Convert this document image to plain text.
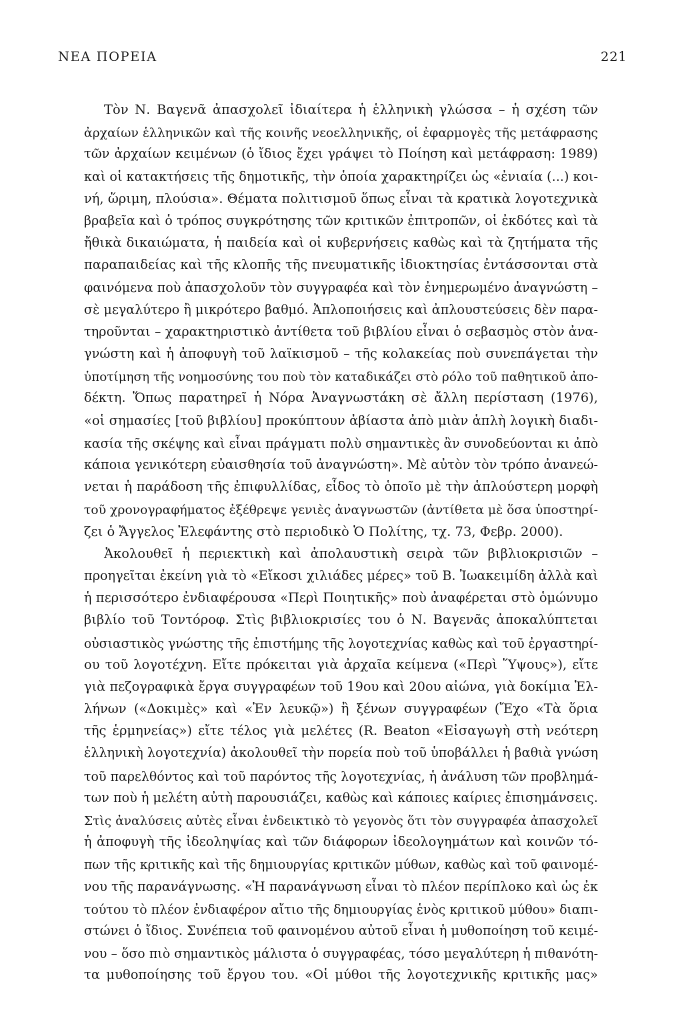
ΝΕΑ ΠΟΡΕΙΑ	221
Τὸν Ν. Βαγενᾶ ἀπασχολεῖ ἰδιαίτερα ἡ ἑλληνικὴ γλώσσα – ἡ σχέση τῶν
ἀρχαίων ἑλληνικῶν καὶ τῆς κοινῆς νεοελληνικῆς, οἱ ἐφαρμογὲς τῆς μετάφρασης
τῶν ἀρχαίων κειμένων (ὁ ἴδιος ἔχει γράψει τὸ Ποίηση καὶ μετάφραση: 1989)
καὶ οἱ κατακτήσεις τῆς δημοτικῆς, τὴν ὁποία χαρακτηρίζει ὡς «ἐνιαία (...) κοι-
νή, ὥριμη, πλούσια». Θέματα πολιτισμοῦ ὅπως εἶναι τὰ κρατικὰ λογοτεχνικὰ
βραβεῖα καὶ ὁ τρόπος συγκρότησης τῶν κριτικῶν ἐπιτροπῶν, οἱ ἐκδότες καὶ τὰ
ἤθικὰ δικαιώματα, ἡ παιδεία καὶ οἱ κυβερνήσεις καθὼς καὶ τὰ ζητήματα τῆς
παραπαιδείας καὶ τῆς κλοπῆς τῆς πνευματικῆς ἰδιοκτησίας ἐντάσσονται στὰ
φαινόμενα ποὺ ἀπασχολοῦν τὸν συγγραφέα καὶ τὸν ἐνημερωμένο ἀναγνώστη –
σὲ μεγαλύτερο ἢ μικρότερο βαθμό. Ἀπλοποιήσεις καὶ ἀπλουστεύσεις δὲν παρα-
τηροῦνται – χαρακτηριστικὸ ἀντίθετα τοῦ βιβλίου εἶναι ὁ σεβασμὸς στὸν ἀνα-
γνώστη καὶ ἡ ἀποφυγὴ τοῦ λαϊκισμοῦ – τῆς κολακείας ποὺ συνεπάγεται τὴν
ὑποτίμηση τῆς νοημοσύνης του ποὺ τὸν καταδικάζει στὸ ρόλο τοῦ παθητικοῦ ἀπο-
δέκτη. Ὅπως παρατηρεῖ ἡ Νόρα Ἀναγνωστάκη σὲ ἄλλη περίσταση (1976),
«οἱ σημασίες [τοῦ βιβλίου] προκύπτουν ἀβίαστα ἀπὸ μιὰν ἁπλὴ λογικὴ διαδι-
κασία τῆς σκέψης καὶ εἶναι πράγματι πολὺ σημαντικὲς ἂν συνοδεύονται κι ἀπὸ
κάποια γενικότερη εὐαισθησία τοῦ ἀναγνώστη». Μὲ αὐτὸν τὸν τρόπο ἀνανεώ-
νεται ἡ παράδοση τῆς ἐπιφυλλίδας, εἶδος τὸ ὁποῖο μὲ τὴν ἁπλούστερη μορφὴ
τοῦ χρονογραφήματος ἐξέθρεψε γενιὲς ἀναγνωστῶν (ἀντίθετα μὲ ὅσα ὑποστηρί-
ζει ὁ Ἄγγελος Ἐλεφάντης στὸ περιοδικὸ Ὁ Πολίτης, τχ. 73, Φεβρ. 2000).
Ἀκολουθεῖ ἡ περιεκτικὴ καὶ ἀπολαυστικὴ σειρὰ τῶν βιβλιοκρισιῶν –
προηγεῖται ἐκείνη γιὰ τὸ «Εἴκοσι χιλιάδες μέρες» τοῦ Β. Ἰωακειμίδη ἀλλὰ καὶ
ἡ περισσότερο ἐνδιαφέρουσα «Περὶ Ποιητικῆς» ποὺ ἀναφέρεται στὸ ὁμώνυμο
βιβλίο τοῦ Τοντόροφ. Στὶς βιβλιοκρισίες του ὁ Ν. Βαγενᾶς ἀποκαλύπτεται
οὐσιαστικὸς γνώστης τῆς ἐπιστήμης τῆς λογοτεχνίας καθὼς καὶ τοῦ ἐργαστηρί-
ου τοῦ λογοτέχνη. Εἴτε πρόκειται γιὰ ἀρχαῖα κείμενα («Περὶ Ὕψους»), εἴτε
γιὰ πεζογραφικὰ ἔργα συγγραφέων τοῦ 19ου καὶ 20ου αἰώνα, γιὰ δοκίμια Ἑλ-
λήνων («Δοκιμὲς» καὶ «Ἐν λευκῷ») ἢ ξένων συγγραφέων (Ἔχο «Τὰ ὅρια
τῆς ἑρμηνείας») εἴτε τέλος γιὰ μελέτες (R. Beaton «Εἰσαγωγὴ στὴ νεότερη
ἑλληνικὴ λογοτεχνία) ἀκολουθεῖ τὴν πορεία ποὺ τοῦ ὑποβάλλει ἡ βαθιὰ γνώση
τοῦ παρελθόντος καὶ τοῦ παρόντος τῆς λογοτεχνίας, ἡ ἀνάλυση τῶν προβλημά-
των ποὺ ἡ μελέτη αὐτὴ παρουσιάζει, καθὼς καὶ κάποιες καίριες ἐπισημάνσεις.
Στὶς ἀναλύσεις αὐτὲς εἶναι ἐνδεικτικὸ τὸ γεγονὸς ὅτι τὸν συγγραφέα ἀπασχολεῖ
ἡ ἀποφυγὴ τῆς ἰδεοληψίας καὶ τῶν διάφορων ἰδεολογημάτων καὶ κοινῶν τό-
πων τῆς κριτικῆς καὶ τῆς δημιουργίας κριτικῶν μύθων, καθὼς καὶ τοῦ φαινομέ-
νου τῆς παρανάγνωσης. «Ἡ παρανάγνωση εἶναι τὸ πλέον περίπλοκο καὶ ὡς ἐκ
τούτου τὸ πλέον ἐνδιαφέρον αἴτιο τῆς δημιουργίας ἑνὸς κριτικοῦ μύθου» διαπι-
στώνει ὁ ἴδιος. Συνέπεια τοῦ φαινομένου αὐτοῦ εἶναι ἡ μυθοποίηση τοῦ κειμέ-
νου – ὅσο πιὸ σημαντικὸς μάλιστα ὁ συγγραφέας, τόσο μεγαλύτερη ἡ πιθανότη-
τα μυθοποίησης τοῦ ἔργου του. «Οἱ μύθοι τῆς λογοτεχνικῆς κριτικῆς μας»
